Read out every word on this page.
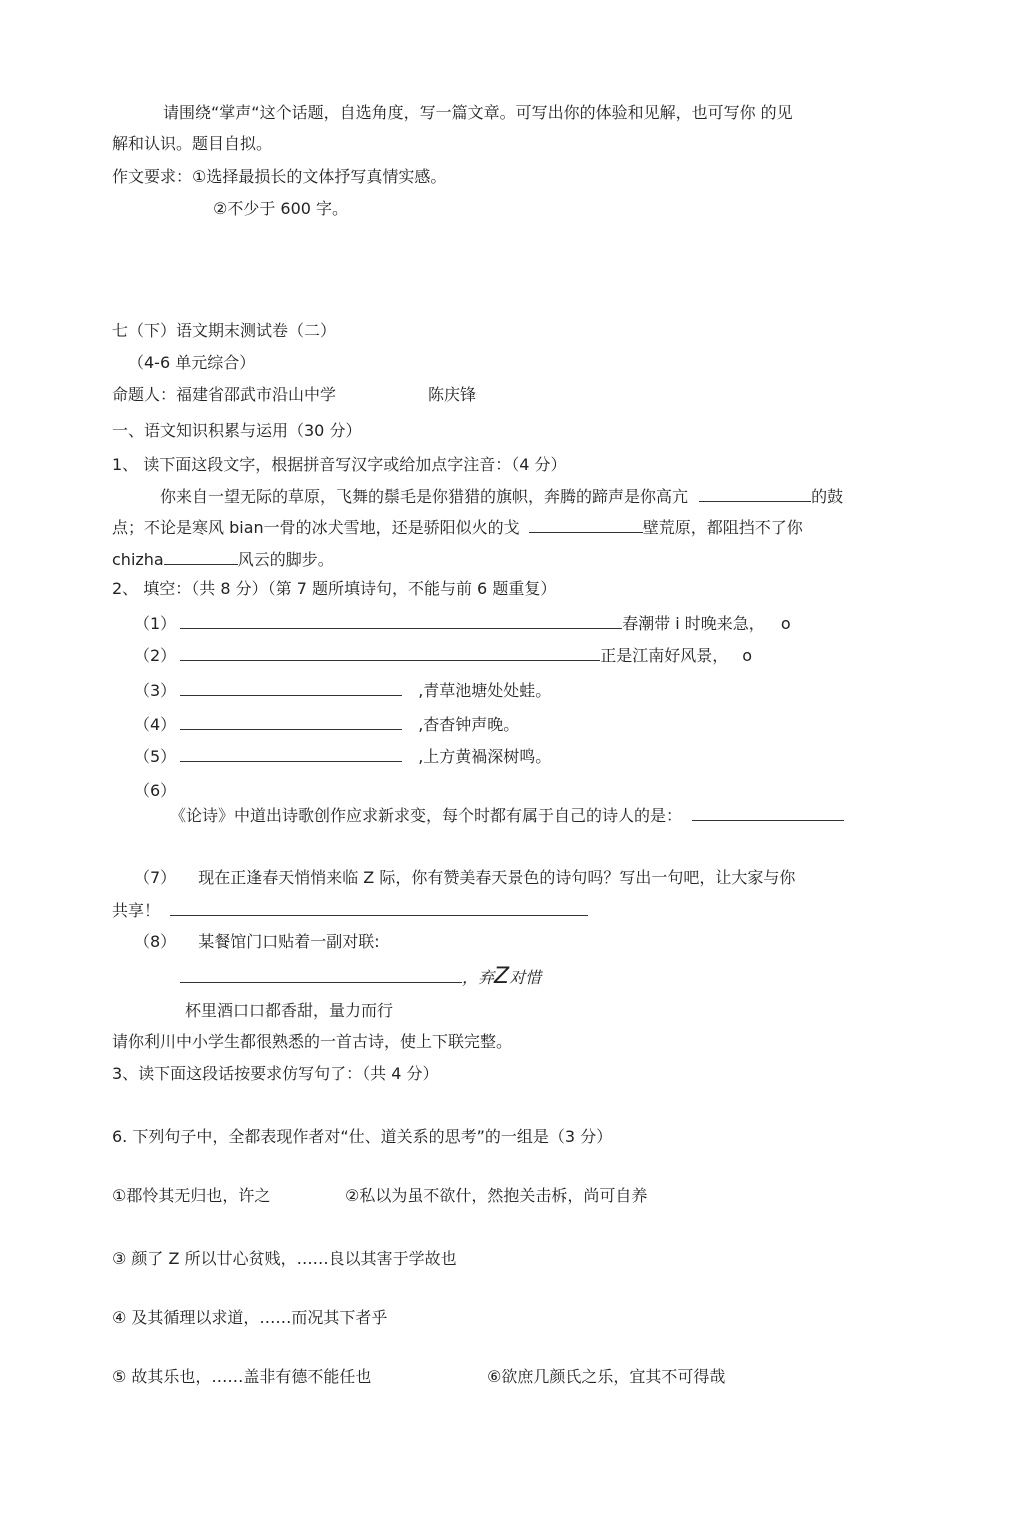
请围绕“掌声“这个话题，自选角度，写一篇文章。可写出你的体验和见解，也可写你 的见
解和认识。题目自拟。
作文要求：①选择最损长的文体抒写真情实感。
②不少于 600 字。
七（下）语文期末测试卷（二）
（4-6 单元综合）
命题人：福建省邵武市沿山中学	陈庆锋
一、语文知识积累与运用（30 分）
1、 读下面这段文字，根据拼音写汉字或给加点字注音：（4 分）
你来自一望无际的草原，飞舞的鬃毛是你猎猎的旗帜，奔腾的蹄声是你高亢	的鼓
点；不论是寒风 bian一骨的冰犬雪地，还是骄阳似火的戈	壁荒原，都阻挡不了你
chizha	风云的脚步。
2、 填空：（共 8 分）（第 7 题所填诗句，不能与前 6 题重复）
（1）	春潮带 i 时晚来急， o
（2）	正是江南好风景， o
（3）	,青草池塘处处蛙。
（4）	,杳杳钟声晚。
（5）	,上方黄禍深树鸣。
（6）
《论诗》中道出诗歌创作应求新求变，每个时都有属于自己的诗人的是：
（7） 现在正逢春天悄悄来临 Z 际，你有赞美春天景色的诗句吗？写出一句吧，让大家与你
共享！
（8） 某餐馆门口贴着一副对联:
，弃Z对惜
杯里酒口口都香甜，量力而行
请你利川中小学生都很熟悉的一首古诗，使上下联完整。
3、读下面这段话按要求仿写句了：（共 4 分）
6. 下列句子中，全都表现作者对“仕、道关系的思考”的一组是（3 分）
①郡怜其无归也，许之	②私以为虽不欲什，然抱关击柝，尚可自养
③ 颜了 Z 所以廿心贫贱，……良以其害于学故也
④ 及其循理以求道，……而况其下者乎
⑤ 故其乐也，……盖非有德不能任也	⑥欲庶几颜氏之乐，宜其不可得哉
